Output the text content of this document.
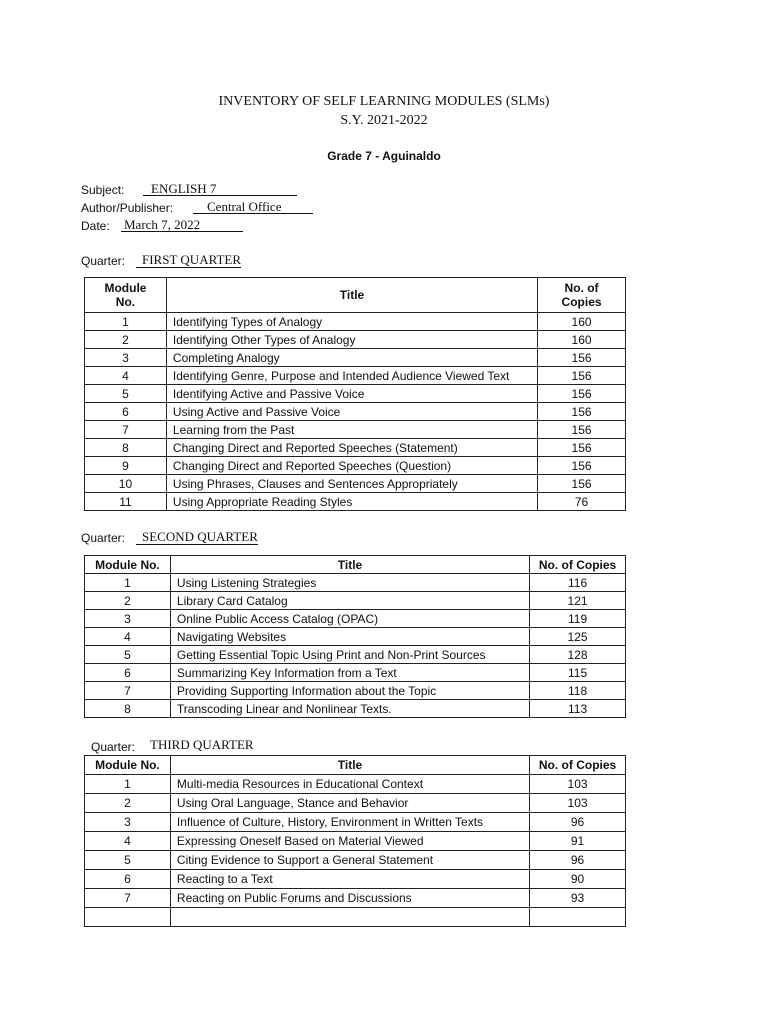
INVENTORY OF SELF LEARNING MODULES (SLMs)
S.Y. 2021-2022
Grade 7 - Aguinaldo
Subject:	ENGLISH 7
Author/Publisher:	Central Office
Date: March 7, 2022
Quarter:	FIRST QUARTER
Module
No.	Title	No. of Copies
1	Identifying Types of Analogy	160
2	Identifying Other Types of Analogy	160
3	Completing Analogy	156
4	Identifying Genre, Purpose and Intended Audience Viewed Text	156
5	Identifying Active and Passive Voice	156
6	Using Active and Passive Voice	156
7	Learning from the Past	156
8	Changing Direct and Reported Speeches (Statement)	156
9	Changing Direct and Reported Speeches (Question)	156
10	Using Phrases, Clauses and Sentences Appropriately	156
11	Using Appropriate Reading Styles	76
Quarter:	SECOND QUARTER
Module No.	Title	No. of Copies
1	Using Listening Strategies	116
2	Library Card Catalog	121
3	Online Public Access Catalog (OPAC)	119
4	Navigating Websites	125
5	Getting Essential Topic Using Print and Non-Print Sources	128
6	Summarizing Key Information from a Text	115
7	Providing Supporting Information about the Topic	118
8	Transcoding Linear and Nonlinear Texts.	113
Quarter: THIRD QUARTER
Module No.	Title	No. of Copies
1	Multi-media Resources in Educational Context	103
2	Using Oral Language, Stance and Behavior	103
3	Influence of Culture, History, Environment in Written Texts	96
4	Expressing Oneself Based on Material Viewed	91
5	Citing Evidence to Support a General Statement	96
6	Reacting to a Text	90
7	Reacting on Public Forums and Discussions	93
